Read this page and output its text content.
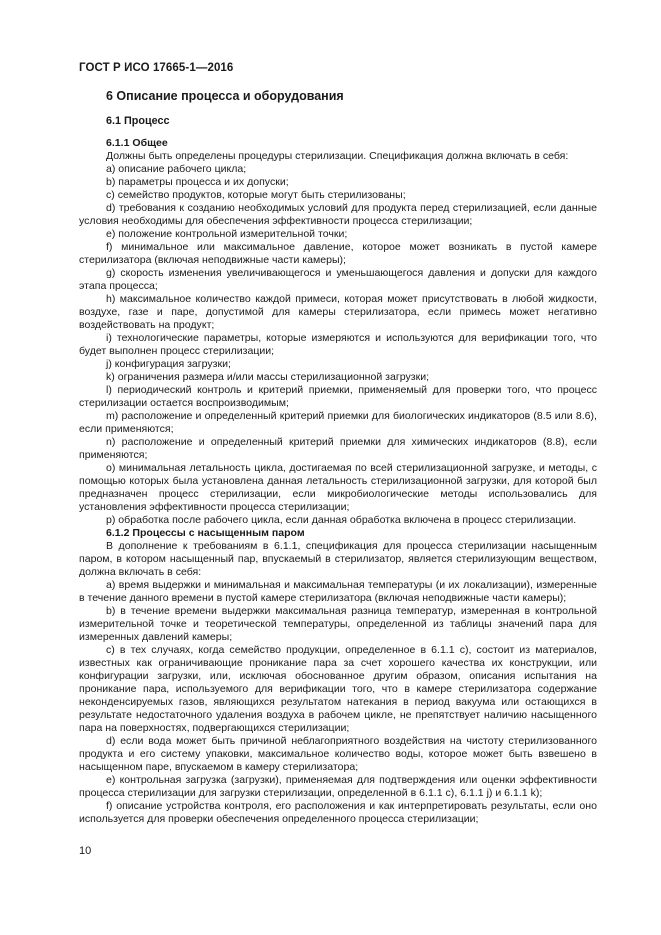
ГОСТ Р ИСО 17665-1—2016
6 Описание процесса и оборудования
6.1 Процесс
6.1.1 Общее

Должны быть определены процедуры стерилизации. Спецификация должна включать в себя:

а) описание рабочего цикла;

b) параметры процесса и их допуски;

с) семейство продуктов, которые могут быть стерилизованы;

d) требования к созданию необходимых условий для продукта перед стерилизацией, если данные условия необходимы для обеспечения эффективности процесса стерилизации;

е) положение контрольной измерительной точки;

f) минимальное или максимальное давление, которое может возникать в пустой камере стерилизатора (включая неподвижные части камеры);

g) скорость изменения увеличивающегося и уменьшающегося давления и допуски для каждого этапа процесса;

h) максимальное количество каждой примеси, которая может присутствовать в любой жидкости, воздухе, газе и паре, допустимой для камеры стерилизатора, если примесь может негативно воздействовать на продукт;

i) технологические параметры, которые измеряются и используются для верификации того, что будет выполнен процесс стерилизации;

j) конфигурация загрузки;

k) ограничения размера и/или массы стерилизационной загрузки;

l) периодический контроль и критерий приемки, применяемый для проверки того, что процесс стерилизации остается воспроизводимым;

m) расположение и определенный критерий приемки для биологических индикаторов (8.5 или 8.6), если применяются;

n) расположение и определенный критерий приемки для химических индикаторов (8.8), если применяются;

о) минимальная летальность цикла, достигаемая по всей стерилизационной загрузке, и методы, с помощью которых была установлена данная летальность стерилизационной загрузки, для которой был предназначен процесс стерилизации, если микробиологические методы использовались для установления эффективности процесса стерилизации;

р) обработка после рабочего цикла, если данная обработка включена в процесс стерилизации.

6.1.2 Процессы с насыщенным паром

В дополнение к требованиям в 6.1.1, спецификация для процесса стерилизации насыщенным паром, в котором насыщенный пар, впускаемый в стерилизатор, является стерилизующим веществом, должна включать в себя:

а) время выдержки и минимальная и максимальная температуры (и их локализации), измеренные в течение данного времени в пустой камере стерилизатора (включая неподвижные части камеры);

b) в течение времени выдержки максимальная разница температур, измеренная в контрольной измерительной точке и теоретической температуры, определенной из таблицы значений пара для измеренных давлений камеры;

с) в тех случаях, когда семейство продукции, определенное в 6.1.1 с), состоит из материалов, известных как ограничивающие проникание пара за счет хорошего качества их конструкции, или конфигурации загрузки, или, исключая обоснованное другим образом, описания испытания на проникание пара, используемого для верификации того, что в камере стерилизатора содержание неконденсируемых газов, являющихся результатом натекания в период вакуума или остающихся в результате недостаточного удаления воздуха в рабочем цикле, не препятствует наличию насыщенного пара на поверхностях, подвергающихся стерилизации;

d) если вода может быть причиной неблагоприятного воздействия на чистоту стерилизованного продукта и его систему упаковки, максимальное количество воды, которое может быть взвешено в насыщенном паре, впускаемом в камеру стерилизатора;

е) контрольная загрузка (загрузки), применяемая для подтверждения или оценки эффективности процесса стерилизации для загрузки стерилизации, определенной в 6.1.1 с), 6.1.1 j) и 6.1.1 k);

f) описание устройства контроля, его расположения и как интерпретировать результаты, если оно используется для проверки обеспечения определенного процесса стерилизации;

10
